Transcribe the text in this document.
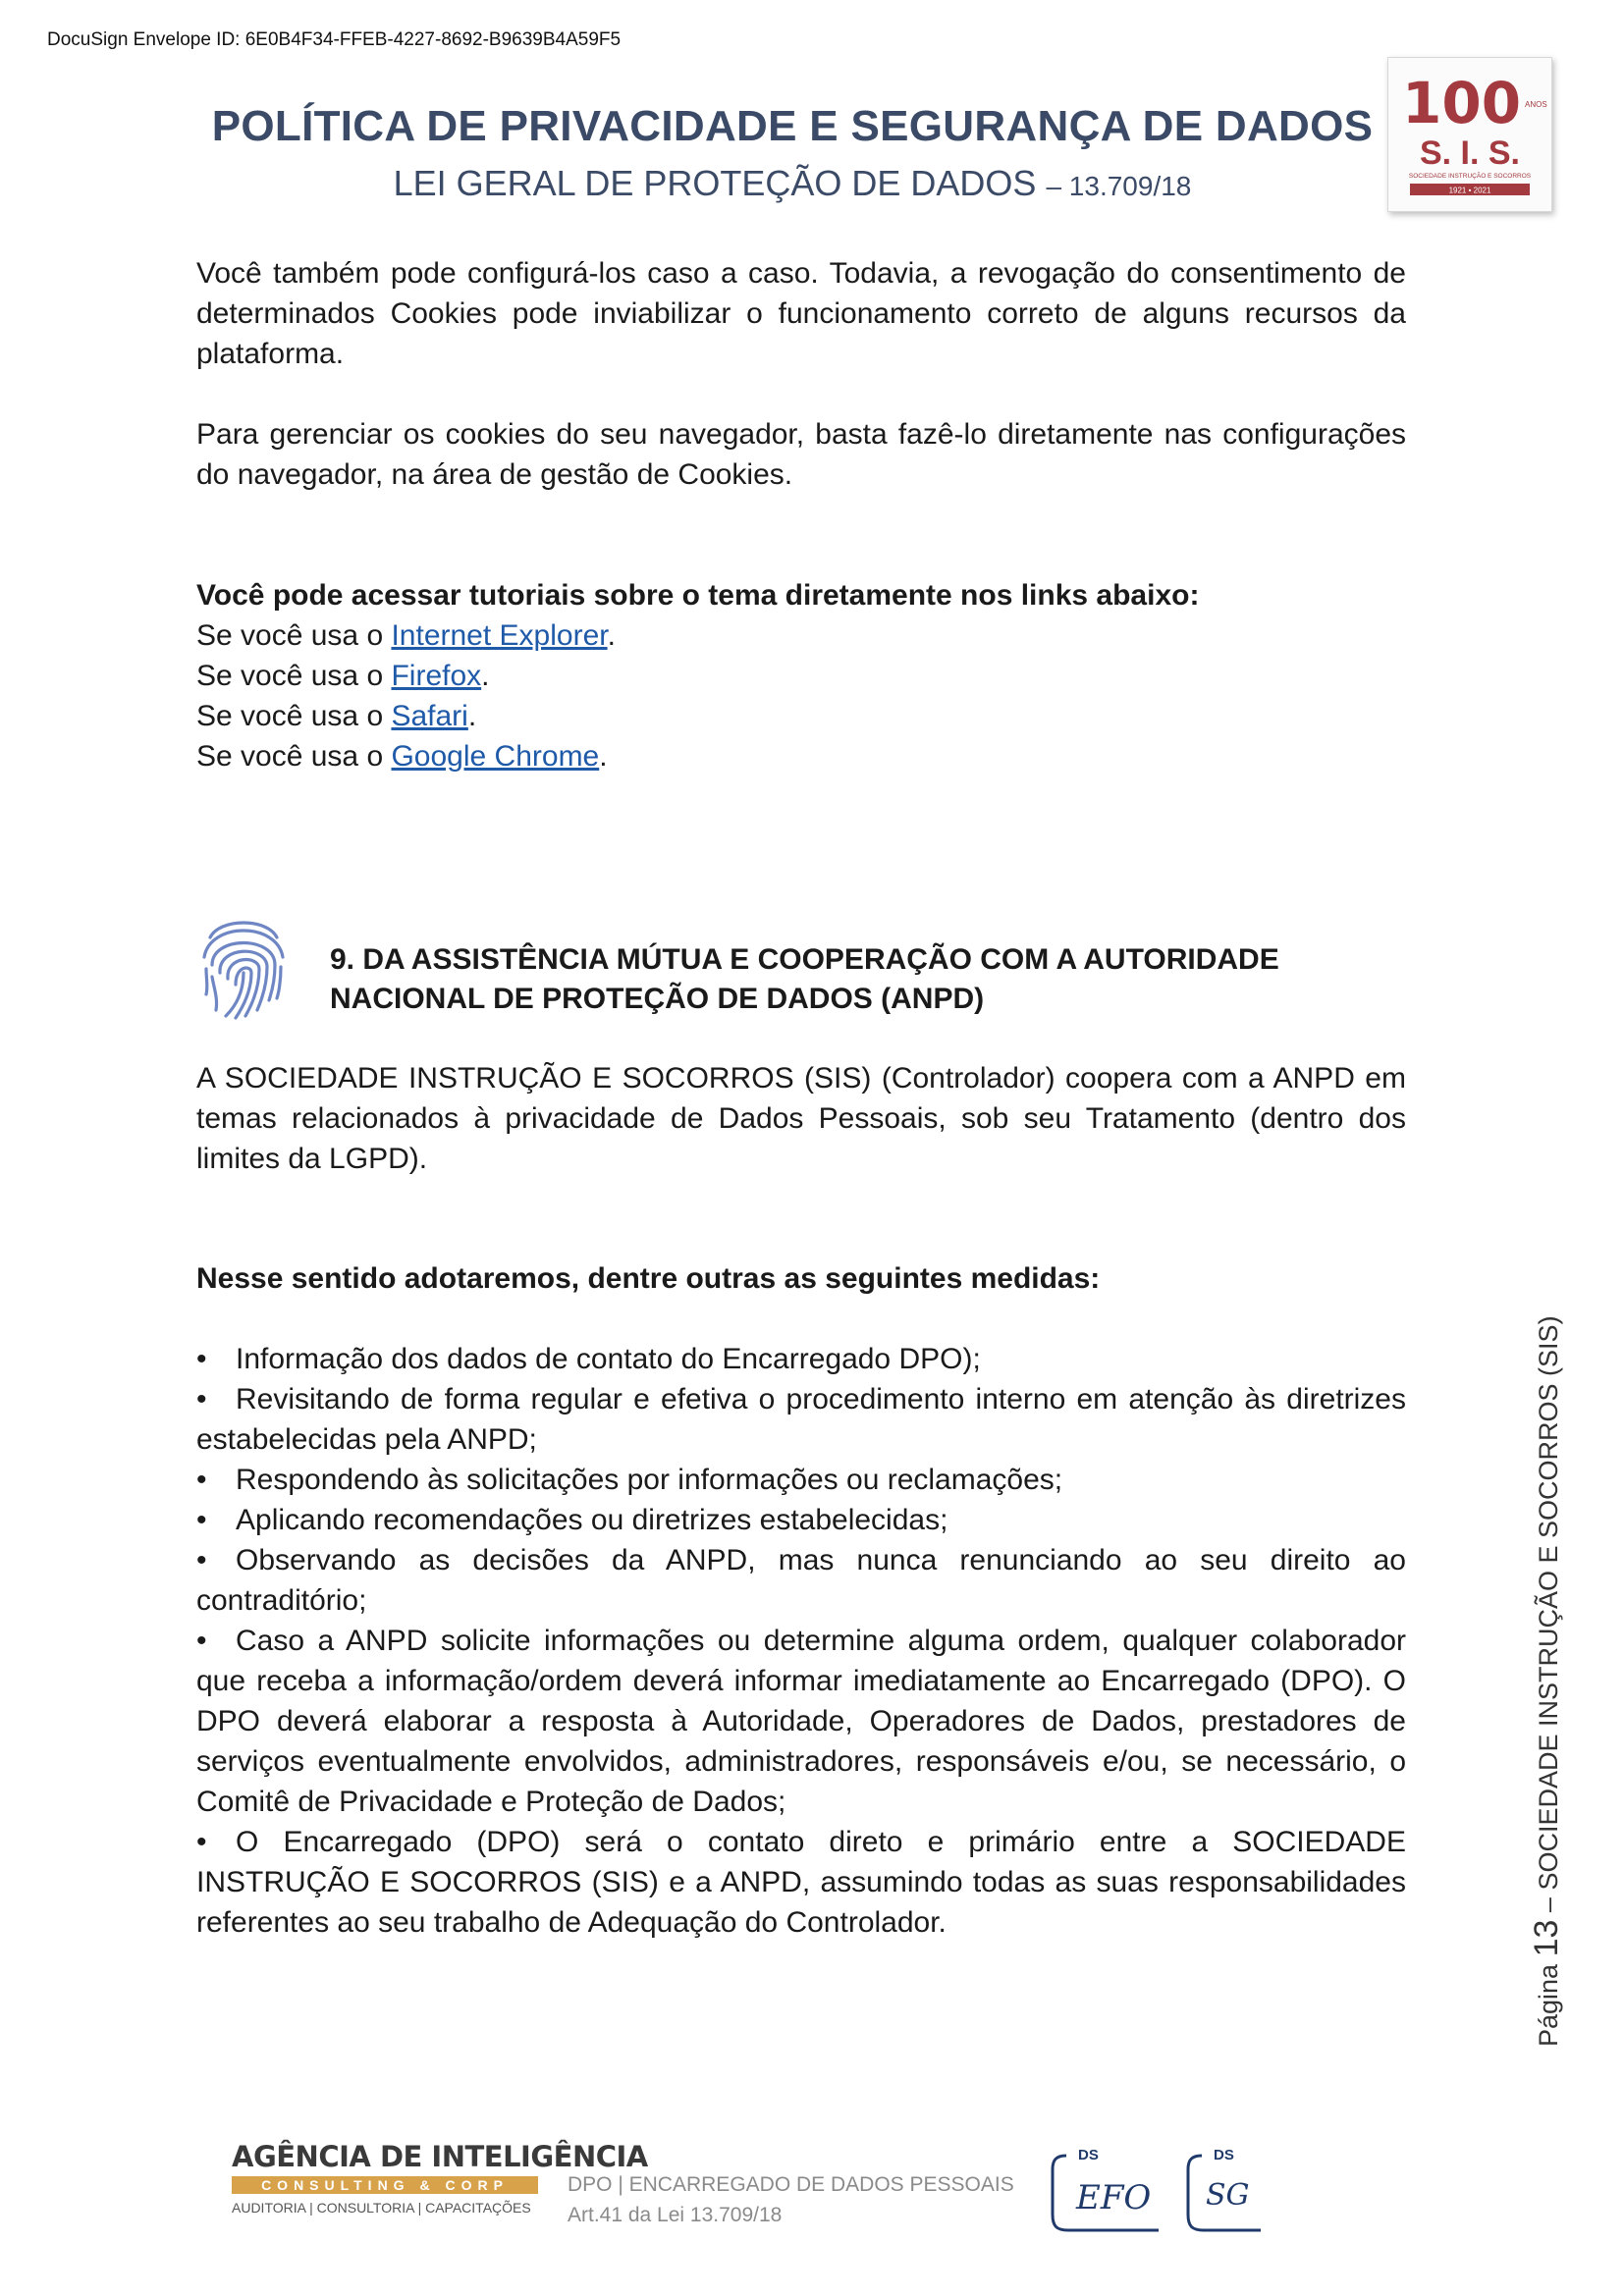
DocuSign Envelope ID: 6E0B4F34-FFEB-4227-8692-B9639B4A59F5
POLÍTICA DE PRIVACIDADE E SEGURANÇA DE DADOS
LEI GERAL DE PROTEÇÃO DE DADOS – 13.709/18
100 ANOS
S. I. S.
SOCIEDADE INSTRUÇÃO E SOCORROS
1921 • 2021

Você também pode configurá-los caso a caso. Todavia, a revogação do consentimento de determinados Cookies pode inviabilizar o funcionamento correto de alguns recursos da plataforma.

Para gerenciar os cookies do seu navegador, basta fazê-lo diretamente nas configurações do navegador, na área de gestão de Cookies.

Você pode acessar tutoriais sobre o tema diretamente nos links abaixo:

Se você usa o Internet Explorer.

Se você usa o Firefox.

Se você usa o Safari.

Se você usa o Google Chrome.

9. DA ASSISTÊNCIA MÚTUA E COOPERAÇÃO COM A AUTORIDADE NACIONAL DE PROTEÇÃO DE DADOS (ANPD)

A SOCIEDADE INSTRUÇÃO E SOCORROS (SIS) (Controlador) coopera com a ANPD em temas relacionados à privacidade de Dados Pessoais, sob seu Tratamento (dentro dos limites da LGPD).

Nesse sentido adotaremos, dentre outras as seguintes medidas:

• Informação dos dados de contato do Encarregado DPO);

• Revisitando de forma regular e efetiva o procedimento interno em atenção às diretrizes estabelecidas pela ANPD;

• Respondendo às solicitações por informações ou reclamações;

• Aplicando recomendações ou diretrizes estabelecidas;

• Observando as decisões da ANPD, mas nunca renunciando ao seu direito ao contraditório;

• Caso a ANPD solicite informações ou determine alguma ordem, qualquer colaborador que receba a informação/ordem deverá informar imediatamente ao Encarregado (DPO). O DPO deverá elaborar a resposta à Autoridade, Operadores de Dados, prestadores de serviços eventualmente envolvidos, administradores, responsáveis e/ou, se necessário, o Comitê de Privacidade e Proteção de Dados;

• O Encarregado (DPO) será o contato direto e primário entre a SOCIEDADE INSTRUÇÃO E SOCORROS (SIS) e a ANPD, assumindo todas as suas responsabilidades referentes ao seu trabalho de Adequação do Controlador.

Página 13 – SOCIEDADE INSTRUÇÃO E SOCORROS (SIS)
AGÊNCIA DE INTELIGÊNCIA
CONSULTING & CORP
AUDITORIA | CONSULTORIA | CAPACITAÇÕES
DPO | ENCARREGADO DE DADOS PESSOAIS
Art.41 da Lei 13.709/18
DS
EFO
DS
SG
